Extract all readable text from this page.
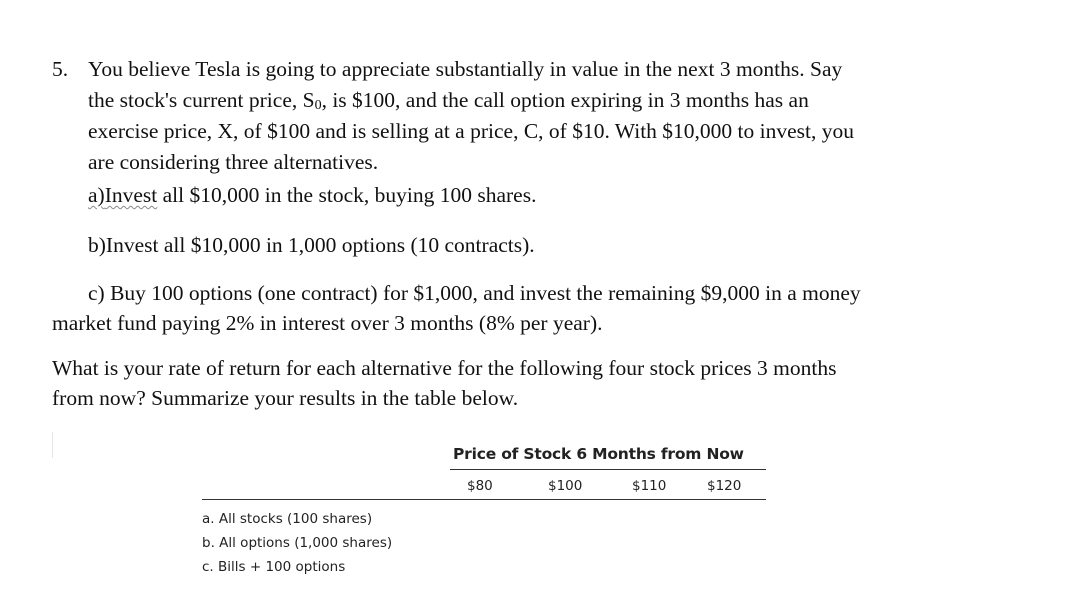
5. You believe Tesla is going to appreciate substantially in value in the next 3 months. Say

the stock's current price, S0, is $100, and the call option expiring in 3 months has an

exercise price, X, of $100 and is selling at a price, C, of $10. With $10,000 to invest, you

are considering three alternatives.

a)Invest all $10,000 in the stock, buying 100 shares.

b)Invest all $10,000 in 1,000 options (10 contracts).

c) Buy 100 options (one contract) for $1,000, and invest the remaining $9,000 in a money

market fund paying 2% in interest over 3 months (8% per year).

What is your rate of return for each alternative for the following four stock prices 3 months

from now? Summarize your results in the table below.

Price of Stock 6 Months from Now
$80	$100	$110	$120
a. All stocks (100 shares)
b. All options (1,000 shares)
c. Bills + 100 options
